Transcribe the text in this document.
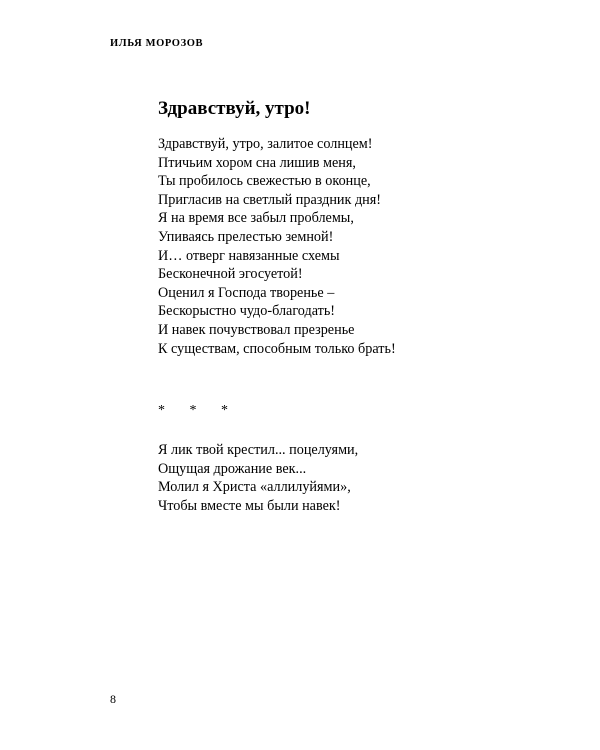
ИЛЬЯ МОРОЗОВ
Здравствуй, утро!
Здравствуй, утро, залитое солнцем!
Птичьим хором сна лишив меня,
Ты пробилось свежестью в оконце,
Пригласив на светлый праздник дня!
Я на время все забыл проблемы,
Упиваясь прелестью земной!
И… отверг навязанные схемы
Бесконечной эгосуетой!
Оценил я Господа творенье –
Бескорыстно чудо-благодать!
И навек почувствовал презренье
К существам, способным только брать!
*       *       *
Я лик твой крестил... поцелуями,
Ощущая дрожание век...
Молил я Христа «аллилуйями»,
Чтобы вместе мы были навек!
8
